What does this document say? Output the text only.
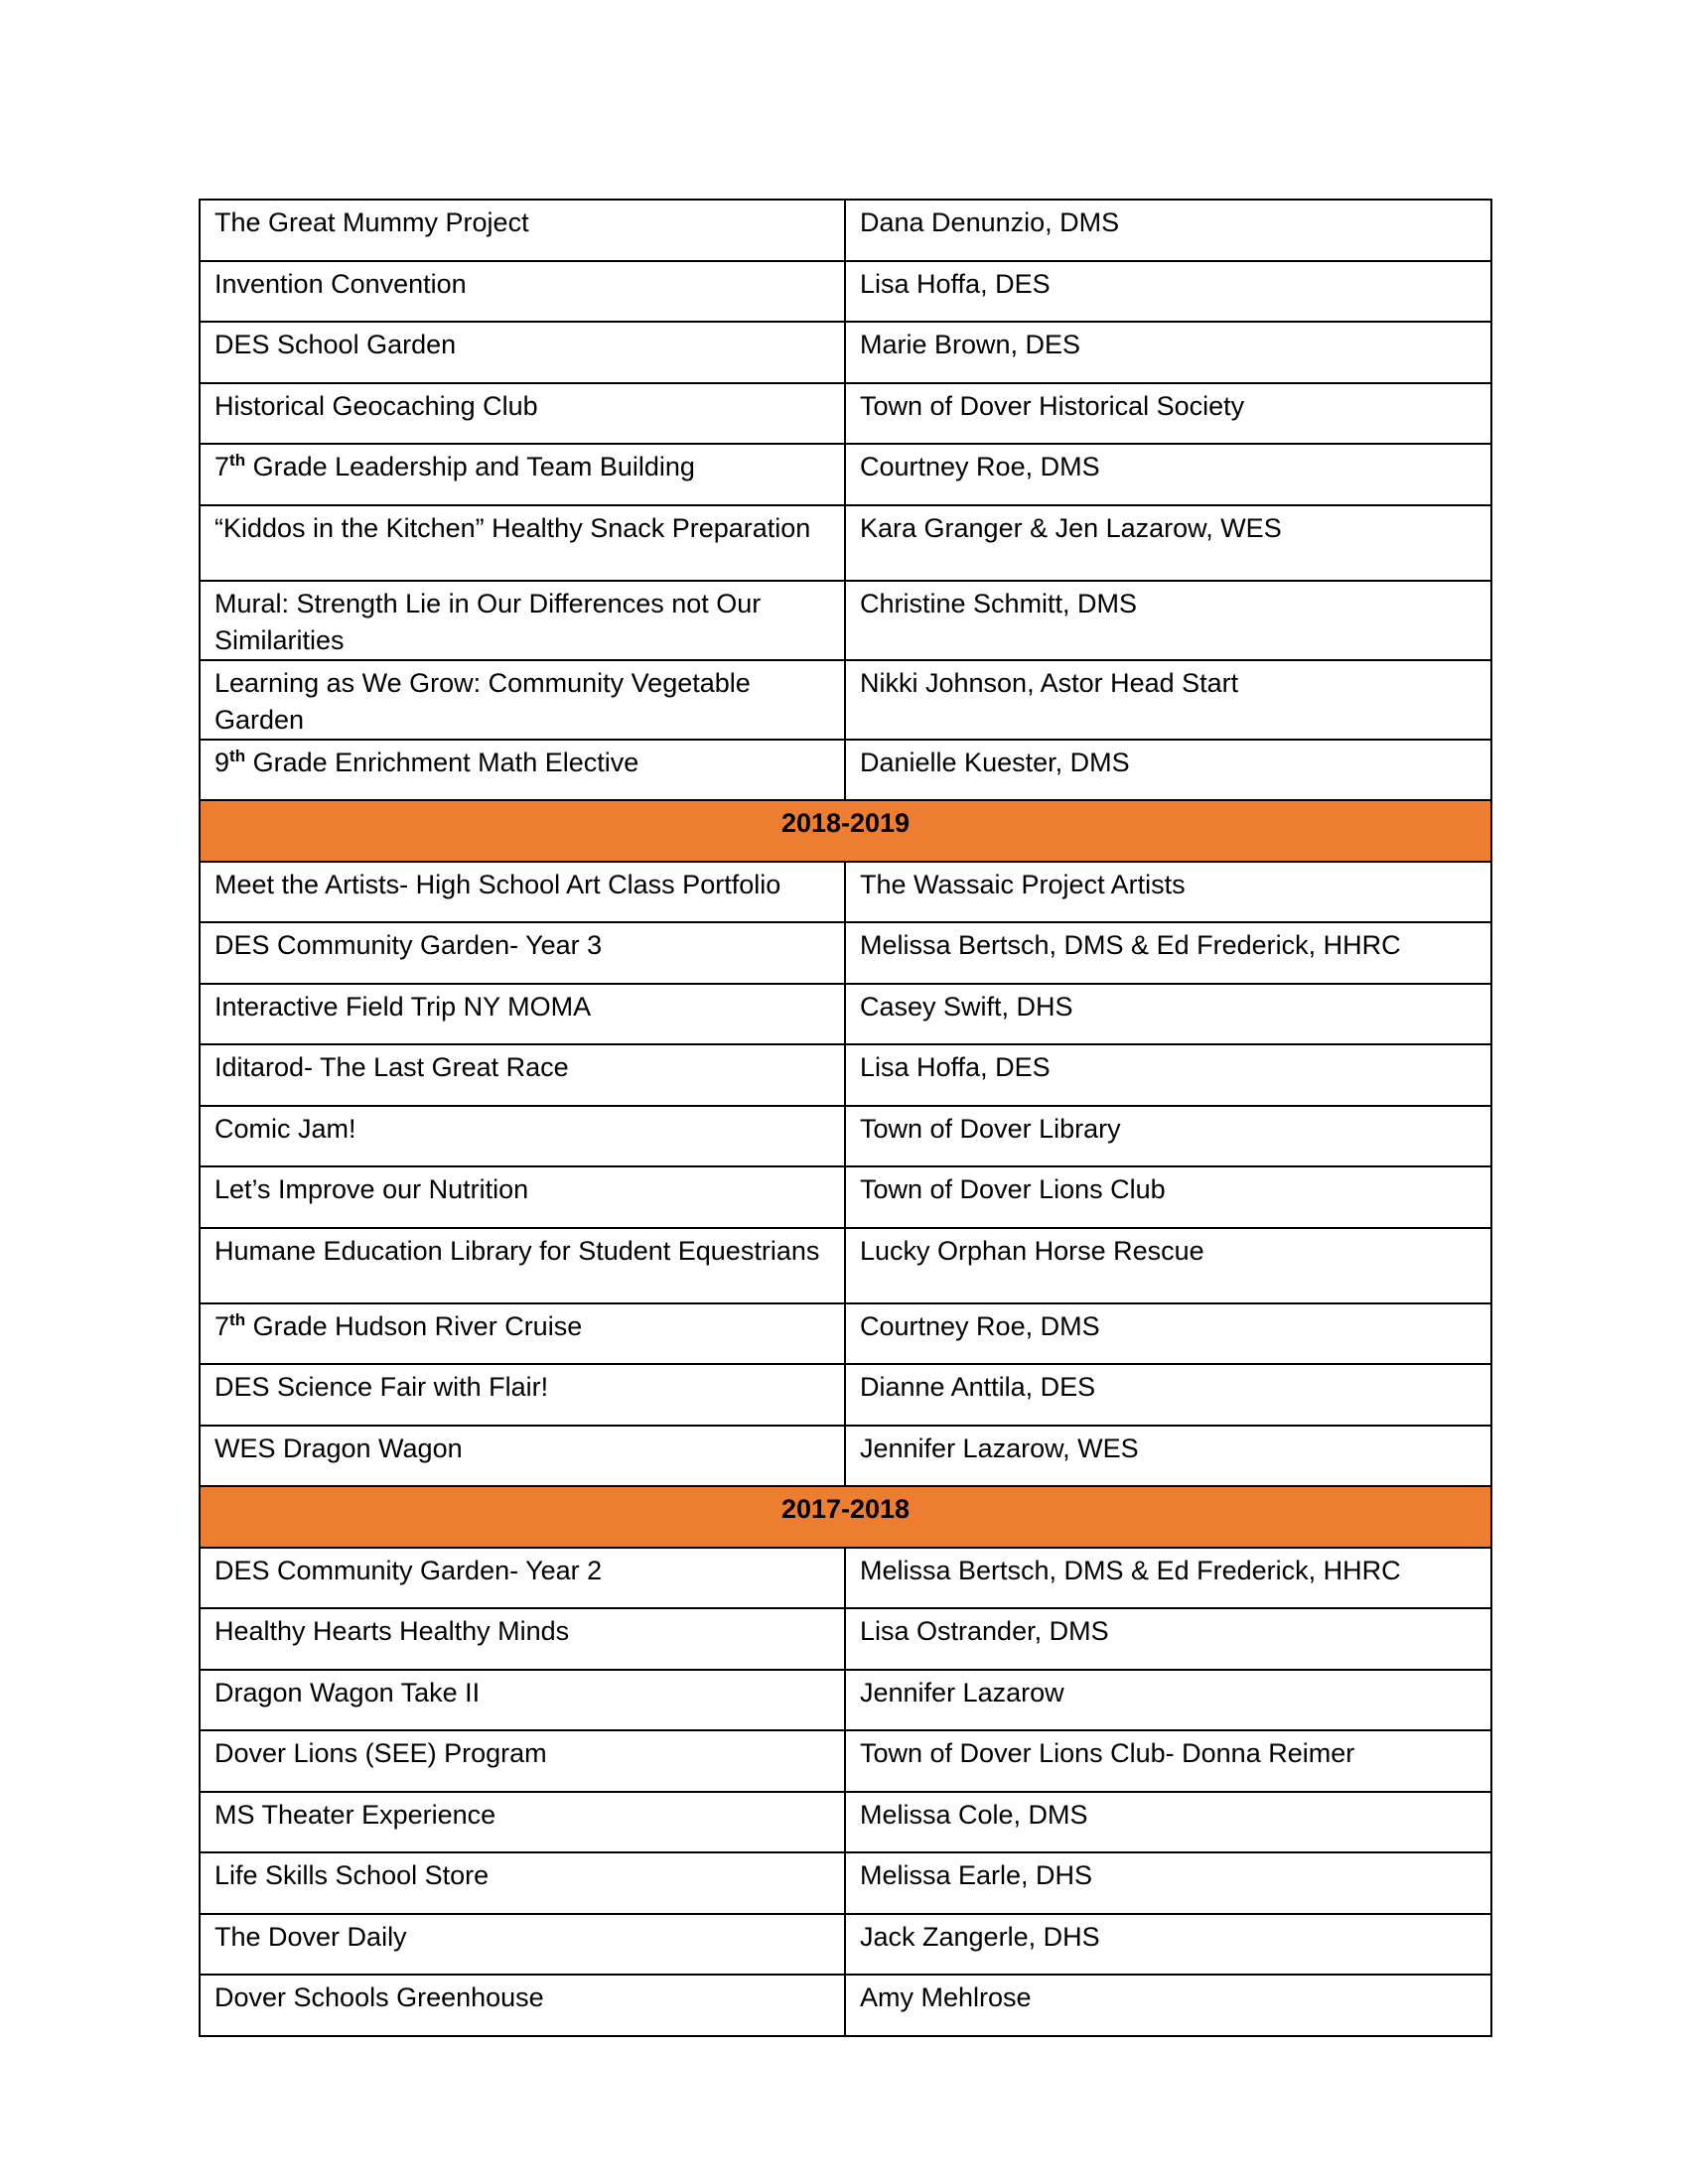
The Great Mummy Project	Dana Denunzio, DMS
Invention Convention	Lisa Hoffa, DES
DES School Garden	Marie Brown, DES
Historical Geocaching Club	Town of Dover Historical Society
7th Grade Leadership and Team Building	Courtney Roe, DMS
“Kiddos in the Kitchen” Healthy Snack Preparation	Kara Granger & Jen Lazarow, WES
Mural: Strength Lie in Our Differences not Our Similarities	Christine Schmitt, DMS
Learning as We Grow: Community Vegetable Garden	Nikki Johnson, Astor Head Start
9th Grade Enrichment Math Elective	Danielle Kuester, DMS
2018-2019	
Meet the Artists- High School Art Class Portfolio	The Wassaic Project Artists
DES Community Garden- Year 3	Melissa Bertsch, DMS & Ed Frederick, HHRC
Interactive Field Trip NY MOMA	Casey Swift, DHS
Iditarod- The Last Great Race	Lisa Hoffa, DES
Comic Jam!	Town of Dover Library
Let’s Improve our Nutrition	Town of Dover Lions Club
Humane Education Library for Student Equestrians	Lucky Orphan Horse Rescue
7th Grade Hudson River Cruise	Courtney Roe, DMS
DES Science Fair with Flair!	Dianne Anttila, DES
WES Dragon Wagon	Jennifer Lazarow, WES
2017-2018	
DES Community Garden- Year 2	Melissa Bertsch, DMS & Ed Frederick, HHRC
Healthy Hearts Healthy Minds	Lisa Ostrander, DMS
Dragon Wagon Take II	Jennifer Lazarow
Dover Lions (SEE) Program	Town of Dover Lions Club- Donna Reimer
MS Theater Experience	Melissa Cole, DMS
Life Skills School Store	Melissa Earle, DHS
The Dover Daily	Jack Zangerle, DHS
Dover Schools Greenhouse	Amy Mehlrose
